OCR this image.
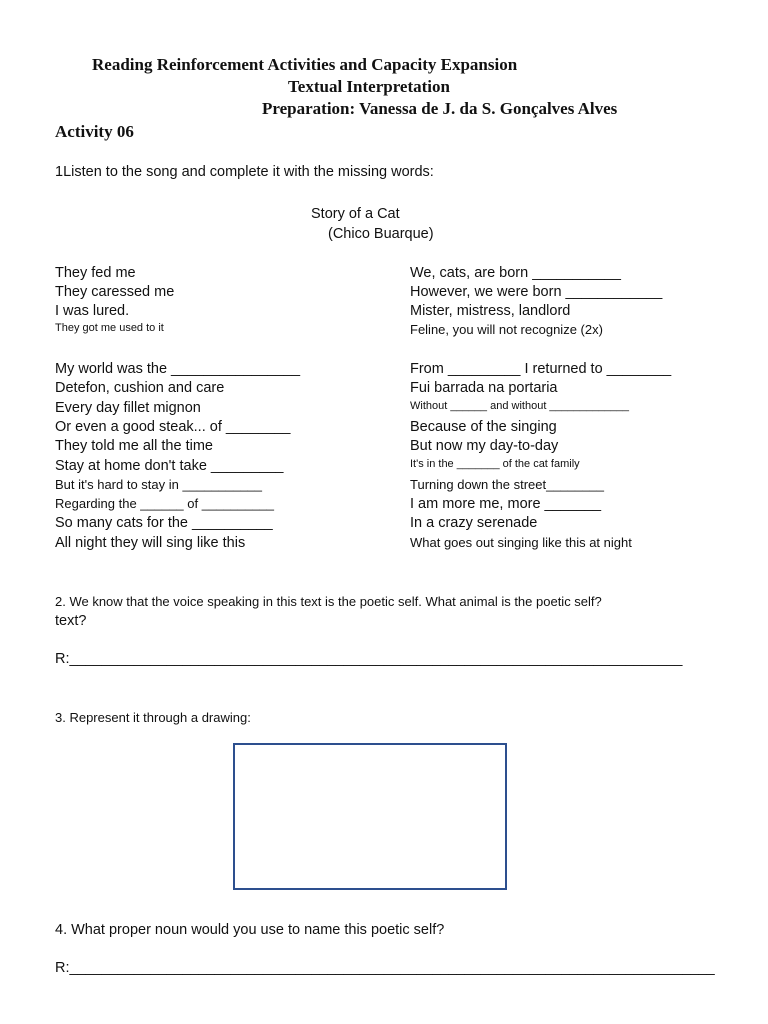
Reading Reinforcement Activities and Capacity Expansion
Textual Interpretation
Preparation: Vanessa de J. da S. Gonçalves Alves
Activity 06
1Listen to the song and complete it with the missing words:
Story of a Cat
(Chico Buarque)
They fed me
They caressed me
I was lured.
They got me used to it
My world was the ________________
Detefon, cushion and care
Every day fillet mignon
Or even a good steak... of ________
They told me all the time
Stay at home don't take _________
But it's hard to stay in ___________
Regarding the ______ of __________
So many cats for the __________
All night they will sing like this
We, cats, are born ___________
However, we were born ____________
Mister, mistress, landlord
Feline, you will not recognize (2x)
From _________ I returned to ________
Fui barrada na portaria
Without ______ and without _____________
Because of the singing
But now my day-to-day
It's in the _______ of the cat family
Turning down the street________
I am more me, more _______
In a crazy serenade
What goes out singing like this at night
2. We know that the voice speaking in this text is the poetic self. What animal is the poetic self?
text?
R:____________________________________________________________________________
3. Represent it through a drawing:
4. What proper noun would you use to name this poetic self?
R:________________________________________________________________________________
